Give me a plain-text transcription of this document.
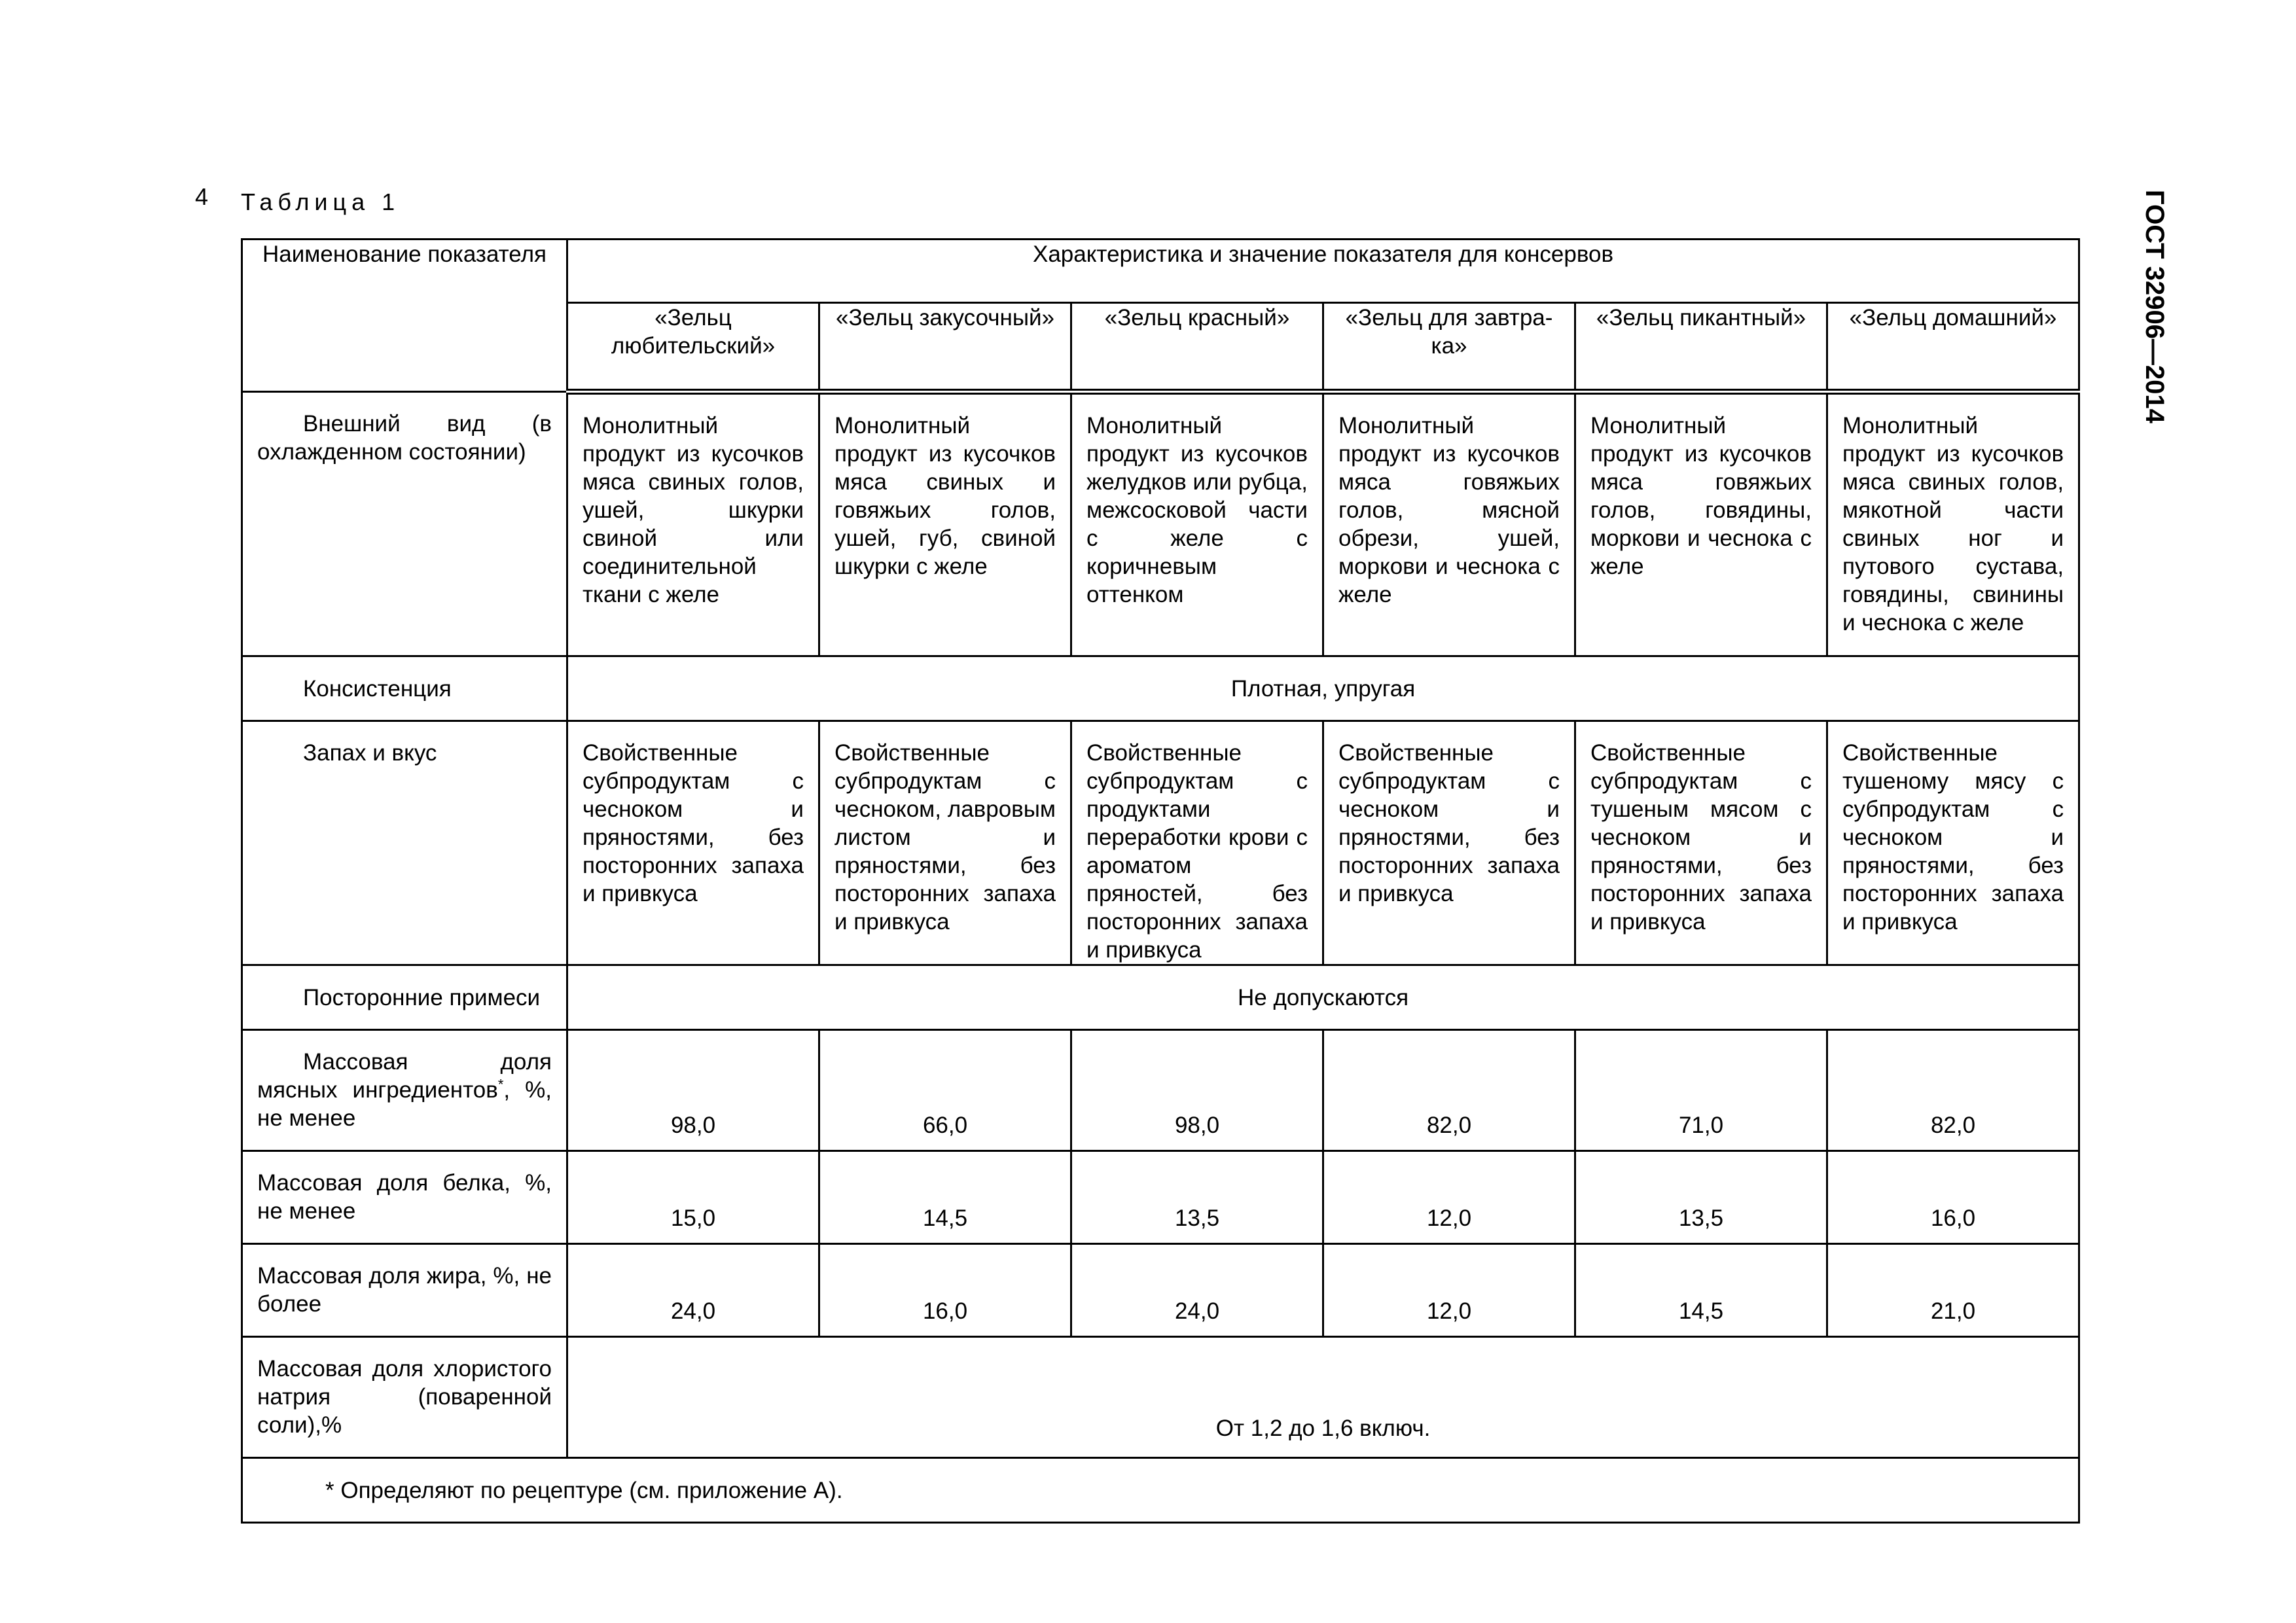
4 Таблица 1	ГОСТ 32906—2014
Наименование показателя	Характеристика и значение показателя для консервов					
	«Зельц любительский»	«Зельц закусочный»	«Зельц красный»	«Зельц для завтра-ка»	«Зельц пикантный»	«Зельц домашний»
Внешний вид (в охлажденном состоянии)	Монолитный продукт из кусочков мяса свиных голов, ушей, шкурки свиной или соединительной ткани с желе	Монолитный продукт из кусочков мяса свиных и говяжьих голов, ушей, губ, свиной шкурки с желе	Монолитный продукт из кусочков желудков или рубца, межсосковой части с желе с коричневым оттенком	Монолитный продукт из кусочков мяса говяжьих голов, мясной обрези, ушей, моркови и чеснока с желе	Монолитный продукт из кусочков мяса говяжьих голов, говядины, моркови и чеснока с желе	Монолитный продукт из кусочков мяса свиных голов, мякотной части свиных ног и путового сустава, говядины, свинины и чеснока с желе
Консистенция	Плотная, упругая					
Запах и вкус	Свойственные субпродуктам с чесноком и пряностями, без посторонних запаха и привкуса	Свойственные субпродуктам с чесноком, лавровым листом и пряностями, без посторонних запаха и привкуса	Свойственные субпродуктам с продуктами переработки крови с ароматом пряностей, без посторонних запаха и привкуса	Свойственные субпродуктам с чесноком и пряностями, без посторонних запаха и привкуса	Свойственные субпродуктам с тушеным мясом с чесноком и пряностями, без посторонних запаха и привкуса	Свойственные тушеному мясу с субпродуктам с чесноком и пряностями, без посторонних запаха и привкуса
Посторонние примеси	Не допускаются					
Массовая доля мясных ингредиентов*, %, не менее	98,0	66,0	98,0	82,0	71,0	82,0
Массовая доля белка, %, не менее	15,0	14,5	13,5	12,0	13,5	16,0
Массовая доля жира, %, не более	24,0	16,0	24,0	12,0	14,5	21,0
Массовая доля хлористого натрия (поваренной соли),%	От 1,2 до 1,6 включ.					
* Определяют по рецептуре (см. приложение А).						
